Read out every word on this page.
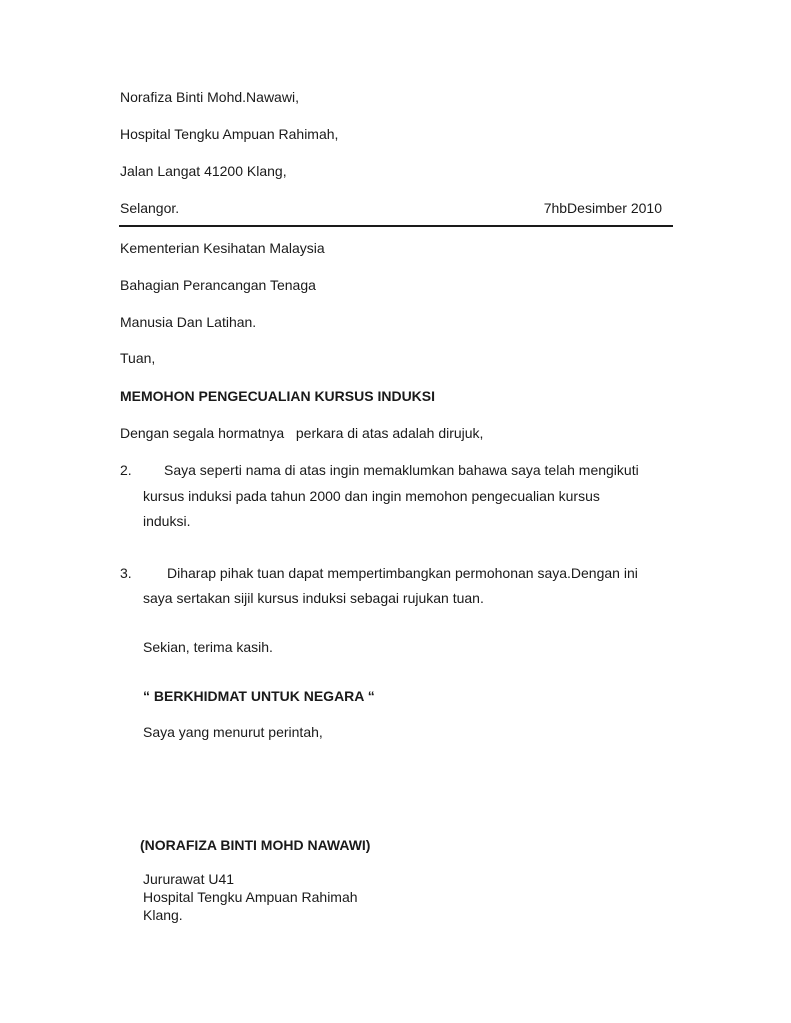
Norafiza Binti Mohd.Nawawi,
Hospital Tengku Ampuan Rahimah,
Jalan Langat 41200 Klang,
Selangor.	7hbDesimber 2010
Kementerian Kesihatan Malaysia
Bahagian Perancangan Tenaga
Manusia Dan Latihan.
Tuan,
MEMOHON PENGECUALIAN KURSUS INDUKSI
Dengan segala hormatnya   perkara di atas adalah dirujuk,
2. Saya seperti nama di atas ingin memaklumkan bahawa saya telah mengikuti
kursus induksi pada tahun 2000 dan ingin memohon pengecualian kursus
induksi.
3.	Diharap pihak tuan dapat mempertimbangkan permohonan saya.Dengan ini
saya sertakan sijil kursus induksi sebagai rujukan tuan.
Sekian, terima kasih.
“ BERKHIDMAT UNTUK NEGARA “
Saya yang menurut perintah,
(NORAFIZA BINTI MOHD NAWAWI)
Jururawat U41
Hospital Tengku Ampuan Rahimah
Klang.
